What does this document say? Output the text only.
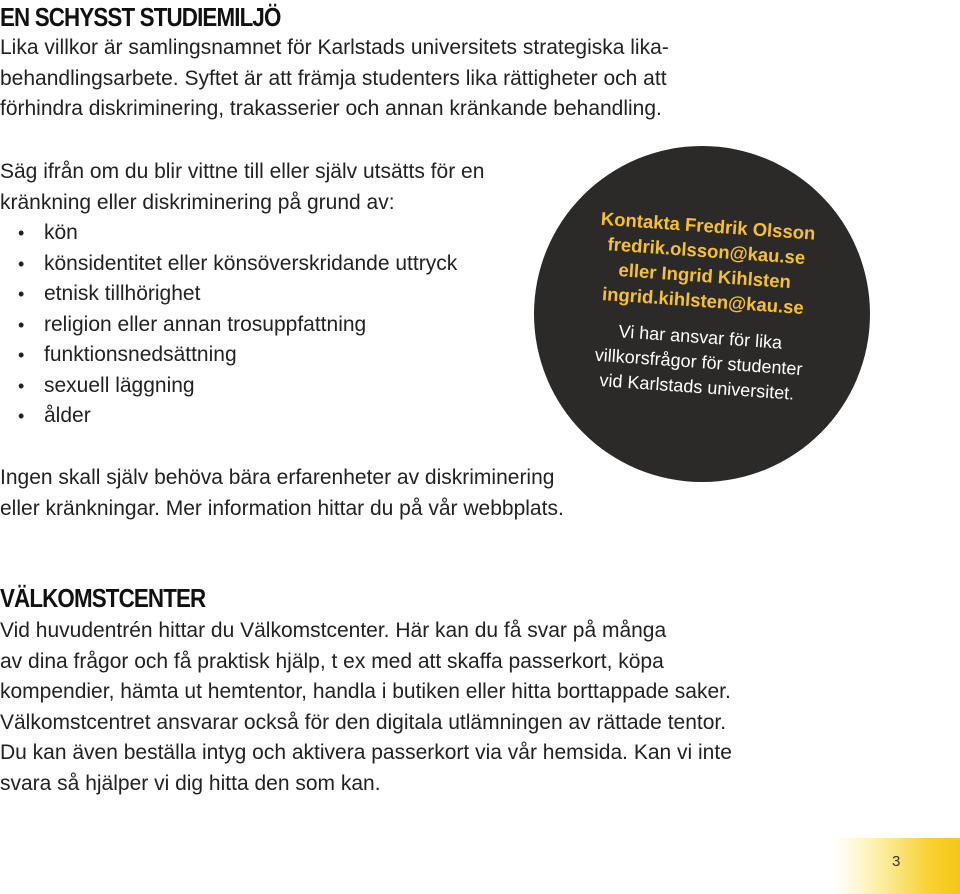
EN SCHYSST STUDIEMILJÖ
Lika villkor är samlingsnamnet för Karlstads universitets strategiska lika-
behandlingsarbete. Syftet är att främja studenters lika rättigheter och att
förhindra diskriminering, trakasserier och annan kränkande behandling.
Säg ifrån om du blir vittne till eller själv utsätts för en
kränkning eller diskriminering på grund av:
• kön
• könsidentitet eller könsöverskridande uttryck
• etnisk tillhörighet
• religion eller annan trosuppfattning
• funktionsnedsättning
• sexuell läggning
• ålder
Ingen skall själv behöva bära erfarenheter av diskriminering
eller kränkningar. Mer information hittar du på vår webbplats.
Kontakta Fredrik Olsson
fredrik.olsson@kau.se
eller Ingrid Kihlsten
ingrid.kihlsten@kau.se
Vi har ansvar för lika
villkorsfrågor för studenter
vid Karlstads universitet.
VÄLKOMSTCENTER
Vid huvudentrén hittar du Välkomstcenter. Här kan du få svar på många
av dina frågor och få praktisk hjälp, t ex med att skaffa passerkort, köpa
kompendier, hämta ut hemtentor, handla i butiken eller hitta borttappade saker.
Välkomstcentret ansvarar också för den digitala utlämningen av rättade tentor.
Du kan även beställa intyg och aktivera passerkort via vår hemsida. Kan vi inte
svara så hjälper vi dig hitta den som kan.
3
